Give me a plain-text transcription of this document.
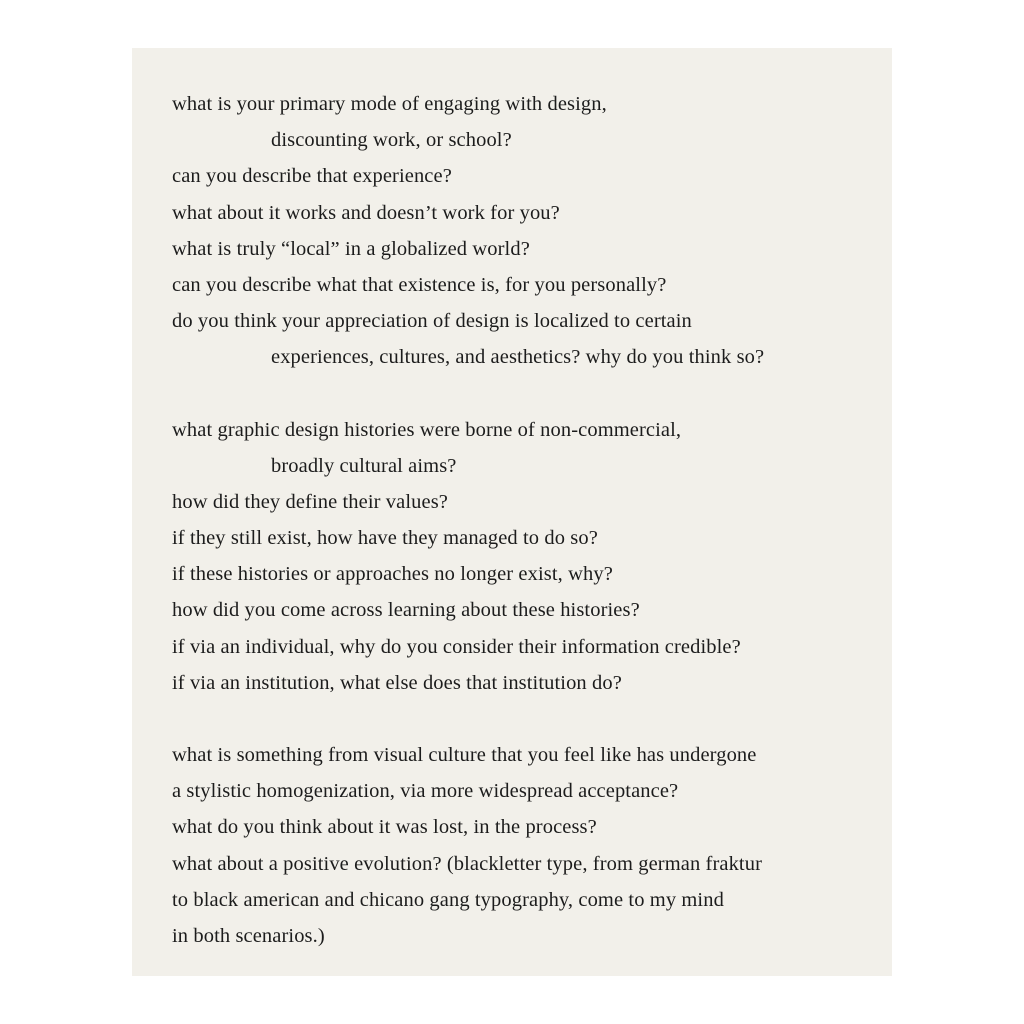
what is your primary mode of engaging with design,
discounting work, or school?
can you describe that experience?
what about it works and doesn’t work for you?
what is truly “local” in a globalized world?
can you describe what that existence is, for you personally?
do you think your appreciation of design is localized to certain
experiences, cultures, and aesthetics? why do you think so?

what graphic design histories were borne of non-commercial,
broadly cultural aims?
how did they define their values?
if they still exist, how have they managed to do so?
if these histories or approaches no longer exist, why?
how did you come across learning about these histories?
if via an individual, why do you consider their information credible?
if via an institution, what else does that institution do?

what is something from visual culture that you feel like has undergone
a stylistic homogenization, via more widespread acceptance?
what do you think about it was lost, in the process?
what about a positive evolution? (blackletter type, from german fraktur
to black american and chicano gang typography, come to my mind
in both scenarios.)
